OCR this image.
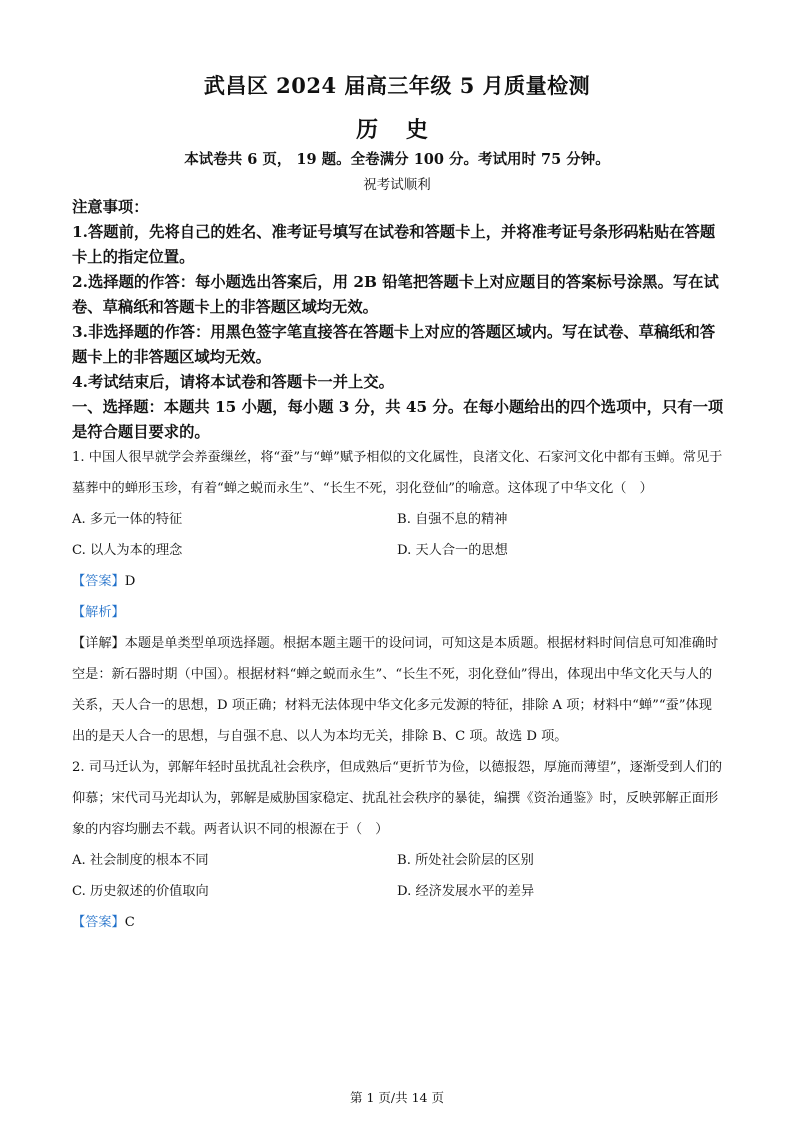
武昌区 2024 届高三年级 5 月质量检测
历 史
本试卷共 6 页， 19 题。全卷满分 100 分。考试用时 75 分钟。
祝考试顺利

注意事项：

1.答题前，先将自己的姓名、准考证号填写在试卷和答题卡上，并将准考证号条形码粘贴在答题卡上的指定位置。

2.选择题的作答：每小题选出答案后，用 2B 铅笔把答题卡上对应题目的答案标号涂黑。写在试卷、草稿纸和答题卡上的非答题区域均无效。

3.非选择题的作答：用黑色签字笔直接答在答题卡上对应的答题区域内。写在试卷、草稿纸和答题卡上的非答题区域均无效。

4.考试结束后，请将本试卷和答题卡一并上交。

一、选择题：本题共 15 小题，每小题 3 分，共 45 分。在每小题给出的四个选项中，只有一项是符合题目要求的。

1. 中国人很早就学会养蚕缫丝，将“蚕”与“蝉”赋予相似的文化属性，良渚文化、石家河文化中都有玉蝉。常见于墓葬中的蝉形玉珍，有着“蝉之蜕而永生”、“长生不死，羽化登仙”的喻意。这体现了中华文化（　）

A. 多元一体的特征	B. 自强不息的精神

C. 以人为本的理念	D. 天人合一的思想

【答案】D

【解析】

【详解】本题是单类型单项选择题。根据本题主题干的设问词，可知这是本质题。根据材料时间信息可知准确时空是：新石器时期（中国）。根据材料“蝉之蜕而永生”、“长生不死，羽化登仙”得出，体现出中华文化天与人的关系，天人合一的思想，D 项正确；材料无法体现中华文化多元发源的特征，排除 A 项；材料中“蝉”“蚕”体现出的是天人合一的思想，与自强不息、以人为本均无关，排除 B、C 项。故选 D 项。

2. 司马迁认为，郭解年轻时虽扰乱社会秩序，但成熟后“更折节为俭，以德报怨，厚施而薄望”，逐渐受到人们的仰慕；宋代司马光却认为，郭解是威胁国家稳定、扰乱社会秩序的暴徒，编撰《资治通鉴》时，反映郭解正面形象的内容均删去不载。两者认识不同的根源在于（　）

A. 社会制度的根本不同	B. 所处社会阶层的区别

C. 历史叙述的价值取向	D. 经济发展水平的差异

【答案】C

第 1 页/共 14 页
